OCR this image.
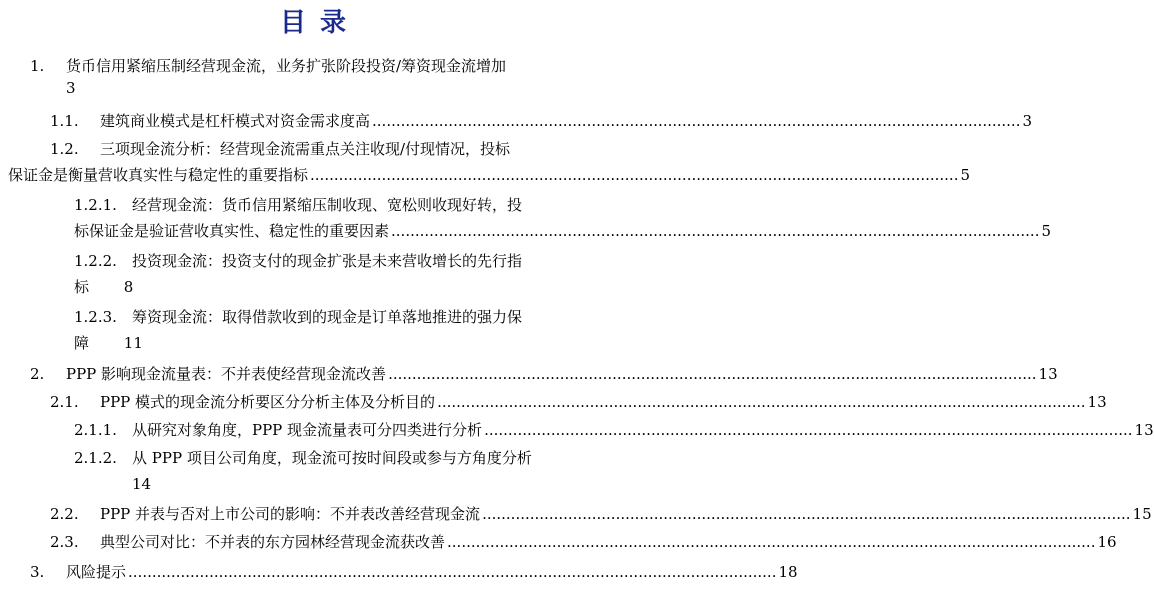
目录
1.	货币信用紧缩压制经营现金流，业务扩张阶段投资/筹资现金流增加
3
1.1.	建筑商业模式是杠杆模式对资金需求度高 ........................................................................................................................................ 3
1.2.	三项现金流分析：经营现金流需重点关注收现/付现情况，投标
保证金是衡量营收真实性与稳定性的重要指标 ........................................................................................................................................ 5
1.2.1.	经营现金流：货币信用紧缩压制收现、宽松则收现好转，投
标保证金是验证营收真实性、稳定性的重要因素 ........................................................................................................................................ 5
1.2.2.	投资现金流：投资支付的现金扩张是未来营收增长的先行指
标 8
1.2.3.	筹资现金流：取得借款收到的现金是订单落地推进的强力保
障 11
2.	PPP 影响现金流量表：不并表使经营现金流改善 ........................................................................................................................................ 13
2.1.	PPP 模式的现金流分析要区分分析主体及分析目的 ........................................................................................................................................ 13
2.1.1.	从研究对象角度，PPP 现金流量表可分四类进行分析 ........................................................................................................................................ 13
2.1.2.	从 PPP 项目公司角度，现金流可按时间段或参与方角度分析
14
2.2.	PPP 并表与否对上市公司的影响：不并表改善经营现金流 ........................................................................................................................................ 15
2.3.	典型公司对比：不并表的东方园林经营现金流获改善 ........................................................................................................................................ 16
3.	风险提示 ........................................................................................................................................ 18
